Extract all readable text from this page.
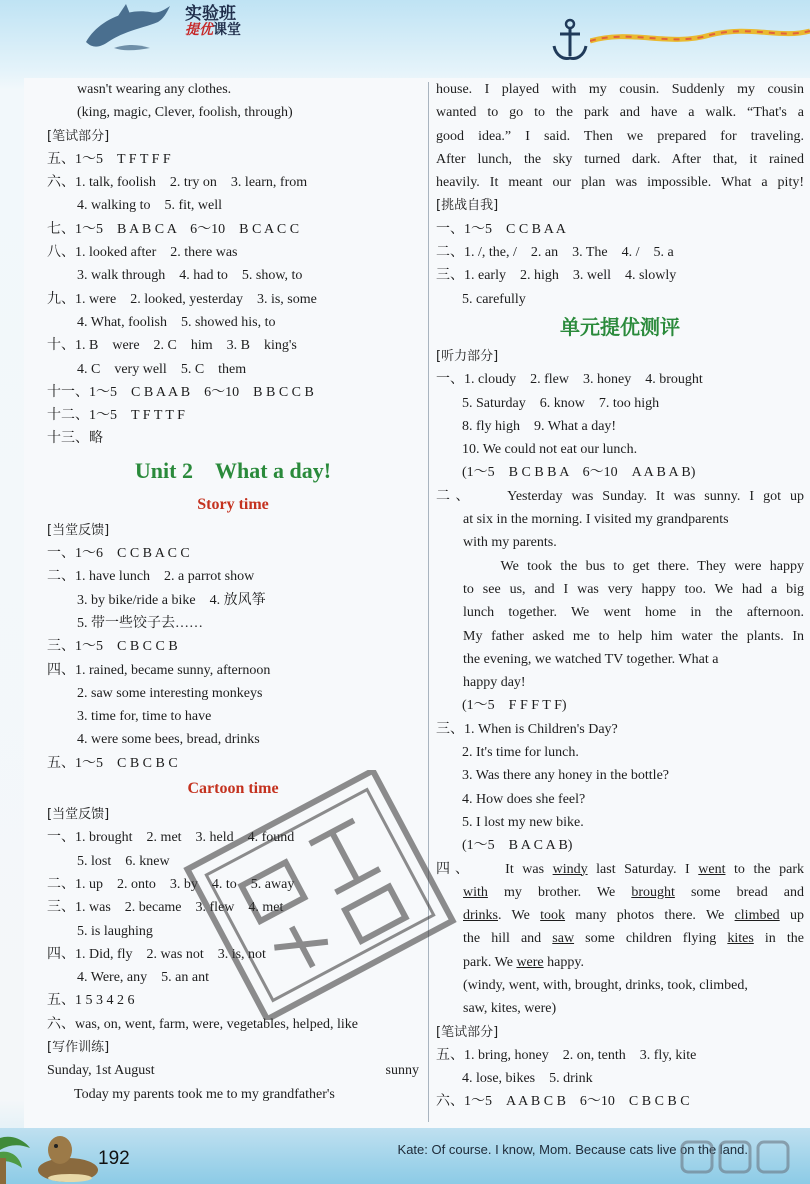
实验班
提优课堂
wasn't wearing any clothes.
(king, magic, Clever, foolish, through)
[笔试部分]
五、1～5　T F T F F
六、1. talk, foolish　2. try on　3. learn, from
4. walking to　5. fit, well
七、1～5　B A B C A　6～10　B C A C C
八、1. looked after　2. there was
3. walk through　4. had to　5. show, to
九、1. were　2. looked, yesterday　3. is, some
4. What, foolish　5. showed his, to
十、1. B　were　2. C　him　3. B　king's
4. C　very well　5. C　them
十一、1～5　C B A A B　6～10　B B C C B
十二、1～5　T F T T F
十三、略
Unit 2　What a day!
Story time
[当堂反馈]
一、1～6　C C B A C C
二、1. have lunch　2. a parrot show
3. by bike/ride a bike　4. 放风筝
5. 带一些饺子去……
三、1～5　C B C C B
四、1. rained, became sunny, afternoon
2. saw some interesting monkeys
3. time for, time to have
4. were some bees, bread, drinks
五、1～5　C B C B C
Cartoon time
[当堂反馈]
一、1. brought　2. met　3. held　4. found
5. lost　6. knew
二、1. up　2. onto　3. by　4. to　5. away
三、1. was　2. became　3. flew　4. met
5. is laughing
四、1. Did, fly　2. was not　3. is, not
4. Were, any　5. an ant
五、1 5 3 4 2 6
六、was, on, went, farm, were, vegetables, helped, like
[写作训练]
Sunday, 1st August	sunny
Today my parents took me to my grandfather's
house. I played with my cousin. Suddenly my cousin
wanted to go to the park and have a walk. “That's a
good idea.” I said. Then we prepared for traveling.
After lunch, the sky turned dark. After that, it rained
heavily. It meant our plan was impossible. What a pity!
[挑战自我]
一、1～5　C C B A A
二、1. /, the, /　2. an　3. The　4. /　5. a
三、1. early　2. high　3. well　4. slowly
5. carefully
单元提优测评
[听力部分]
一、1. cloudy　2. flew　3. honey　4. brought
5. Saturday　6. know　7. too high
8. fly high　9. What a day!
10. We could not eat our lunch.
(1～5　B C B B A　6～10　A A B A B)
二、　　Yesterday was Sunday. It was sunny. I got up
at six in the morning. I visited my grandparents
with my parents.
　　We took the bus to get there. They were happy
to see us, and I was very happy too. We had a big
lunch together. We went home in the afternoon.
My father asked me to help him water the plants. In
the evening, we watched TV together. What a
happy day!
(1～5　F F F T F)
三、1. When is Children's Day?
2. It's time for lunch.
3. Was there any honey in the bottle?
4. How does she feel?
5. I lost my new bike.
(1～5　B A C A B)
四、　　It was windy last Saturday. I went to the park
with my brother. We brought some bread and
drinks. We took many photos there. We climbed up
the hill and saw some children flying kites in the
park. We were happy.
(windy, went, with, brought, drinks, took, climbed,
saw, kites, were)
[笔试部分]
五、1. bring, honey　2. on, tenth　3. fly, kite
4. lose, bikes　5. drink
六、1～5　A A B C B　6～10　C B C B C
192	Kate: Of course. I know, Mom. Because cats live on the land.
